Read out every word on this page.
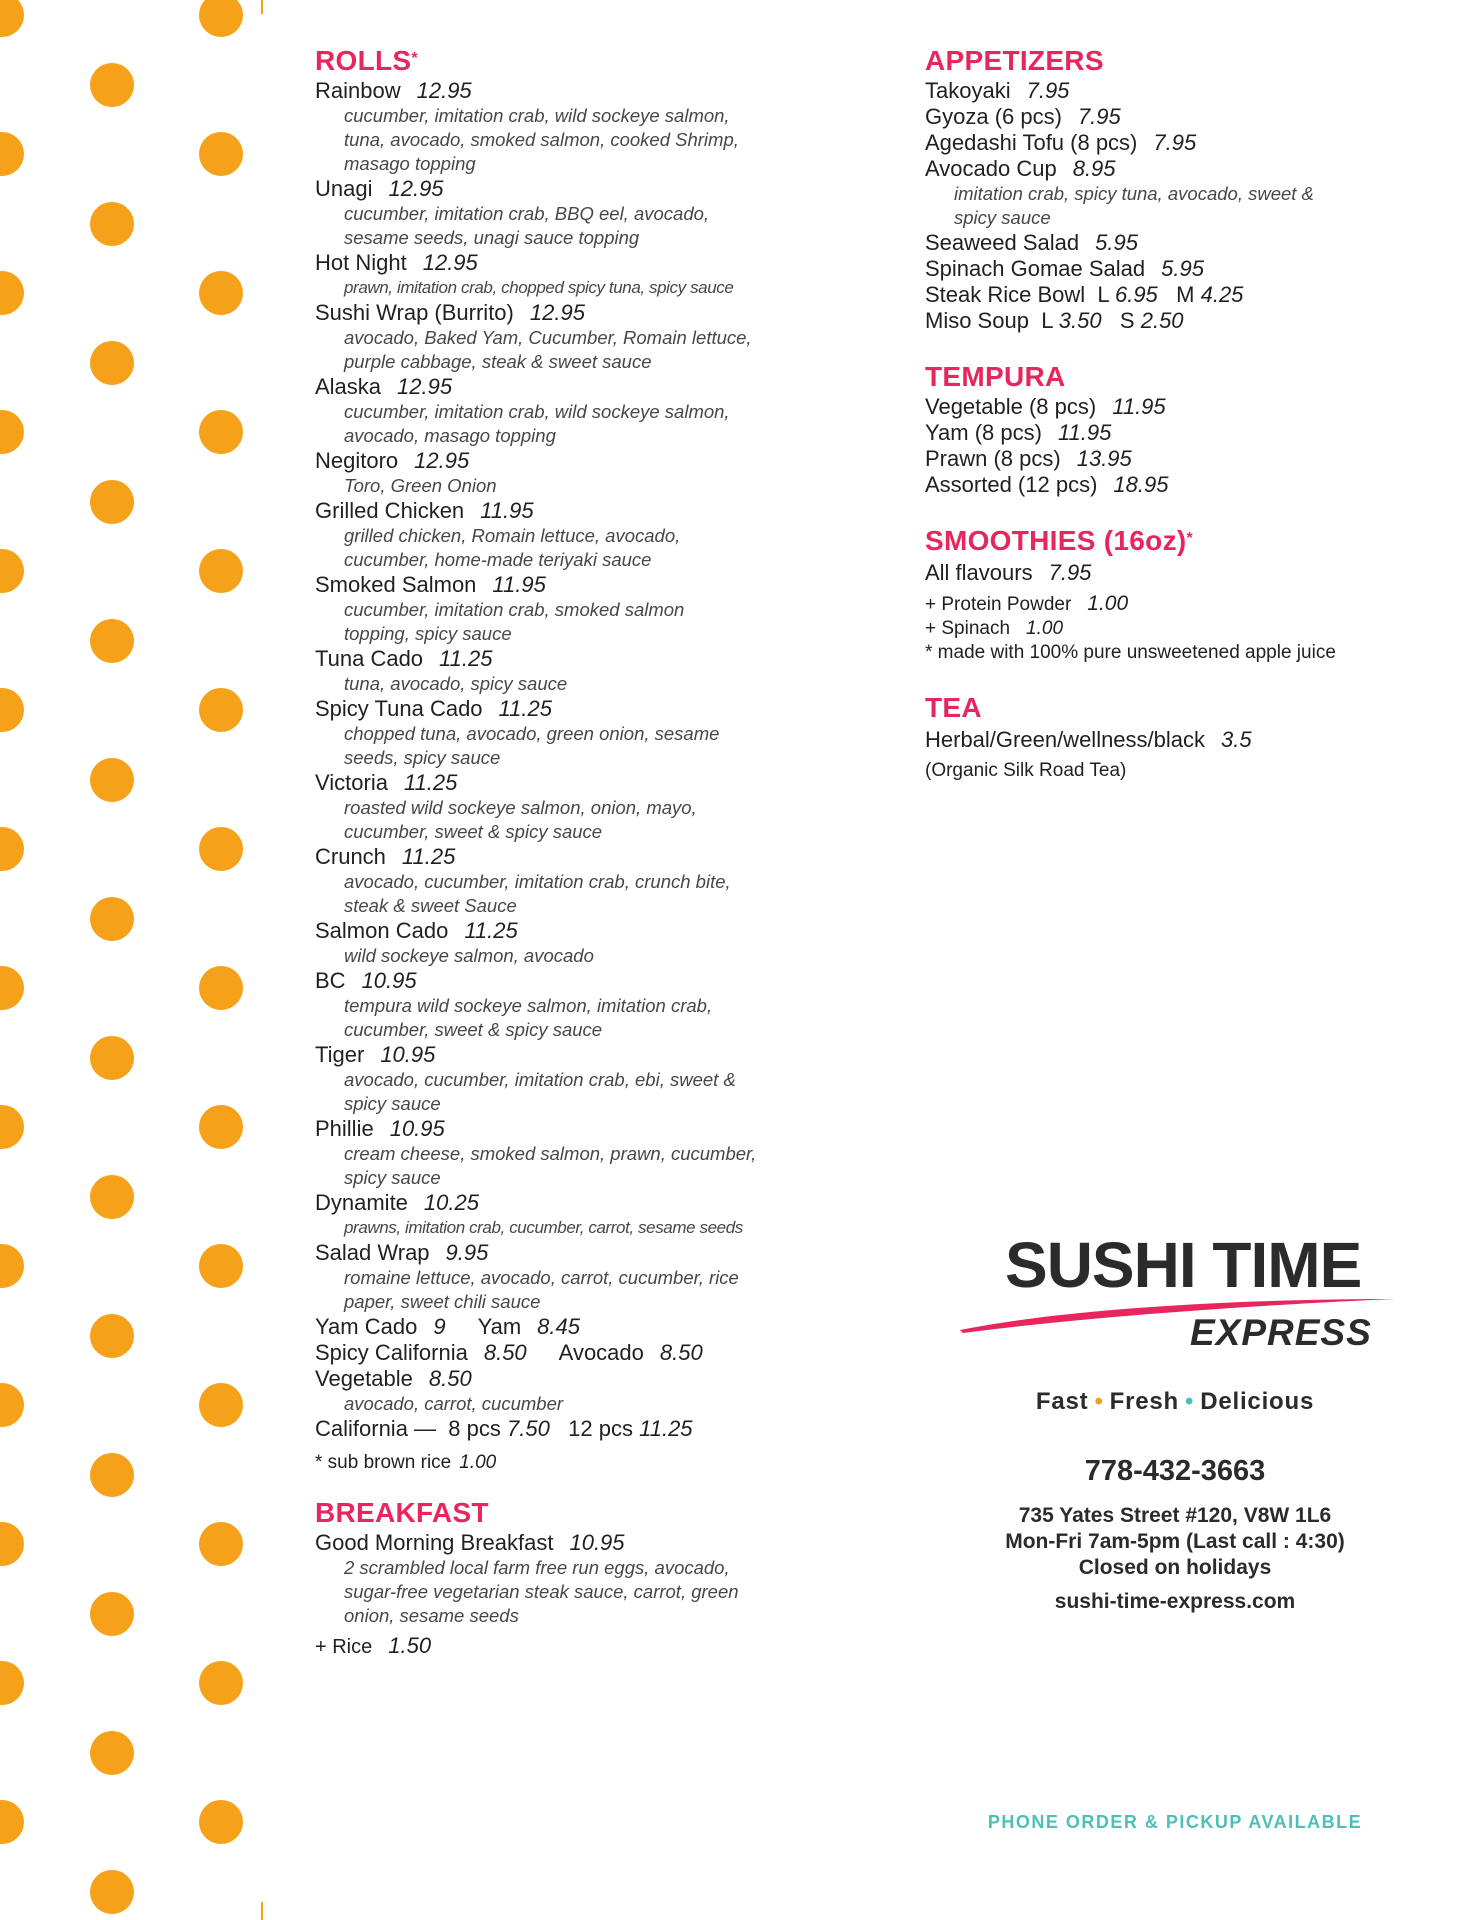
ROLLS*
Rainbow 12.95
cucumber, imitation crab, wild sockeye salmon,
tuna, avocado, smoked salmon, cooked Shrimp,
masago topping
Unagi 12.95
cucumber, imitation crab, BBQ eel, avocado,
sesame seeds, unagi sauce topping
Hot Night 12.95
prawn, imitation crab, chopped spicy tuna, spicy sauce
Sushi Wrap (Burrito) 12.95
avocado, Baked Yam, Cucumber, Romain lettuce,
purple cabbage, steak & sweet sauce
Alaska 12.95
cucumber, imitation crab, wild sockeye salmon,
avocado, masago topping
Negitoro 12.95
Toro, Green Onion
Grilled Chicken 11.95
grilled chicken, Romain lettuce, avocado,
cucumber, home-made teriyaki sauce
Smoked Salmon 11.95
cucumber, imitation crab, smoked salmon
topping, spicy sauce
Tuna Cado 11.25
tuna, avocado, spicy sauce
Spicy Tuna Cado 11.25
chopped tuna, avocado, green onion, sesame
seeds, spicy sauce
Victoria 11.25
roasted wild sockeye salmon, onion, mayo,
cucumber, sweet & spicy sauce
Crunch 11.25
avocado, cucumber, imitation crab, crunch bite,
steak & sweet Sauce
Salmon Cado 11.25
wild sockeye salmon, avocado
BC 10.95
tempura wild sockeye salmon, imitation crab,
cucumber, sweet & spicy sauce
Tiger 10.95
avocado, cucumber, imitation crab, ebi, sweet &
spicy sauce
Phillie 10.95
cream cheese, smoked salmon, prawn, cucumber,
spicy sauce
Dynamite 10.25
prawns, imitation crab, cucumber, carrot, sesame seeds
Salad Wrap 9.95
romaine lettuce, avocado, carrot, cucumber, rice
paper, sweet chili sauce
Yam Cado 9 Yam 8.45
Spicy California 8.50 Avocado 8.50
Vegetable 8.50
avocado, carrot, cucumber
California — 8 pcs 7.50 12 pcs 11.25
* sub brown rice 1.00
BREAKFAST
Good Morning Breakfast 10.95
2 scrambled local farm free run eggs, avocado,
sugar-free vegetarian steak sauce, carrot, green
onion, sesame seeds
+ Rice 1.50
APPETIZERS
Takoyaki 7.95
Gyoza (6 pcs) 7.95
Agedashi Tofu (8 pcs) 7.95
Avocado Cup 8.95
imitation crab, spicy tuna, avocado, sweet &
spicy sauce
Seaweed Salad 5.95
Spinach Gomae Salad 5.95
Steak Rice Bowl L 6.95 M 4.25
Miso Soup L 3.50 S 2.50
TEMPURA
Vegetable (8 pcs) 11.95
Yam (8 pcs) 11.95
Prawn (8 pcs) 13.95
Assorted (12 pcs) 18.95
SMOOTHIES (16oz)*
All flavours 7.95
+ Protein Powder 1.00
+ Spinach 1.00
* made with 100% pure unsweetened apple juice
TEA
Herbal/Green/wellness/black 3.5
(Organic Silk Road Tea)
SUSHI TIME
EXPRESS
Fast • Fresh • Delicious
778-432-3663
735 Yates Street #120, V8W 1L6
Mon-Fri 7am-5pm (Last call : 4:30)
Closed on holidays
sushi-time-express.com
PHONE ORDER & PICKUP AVAILABLE
